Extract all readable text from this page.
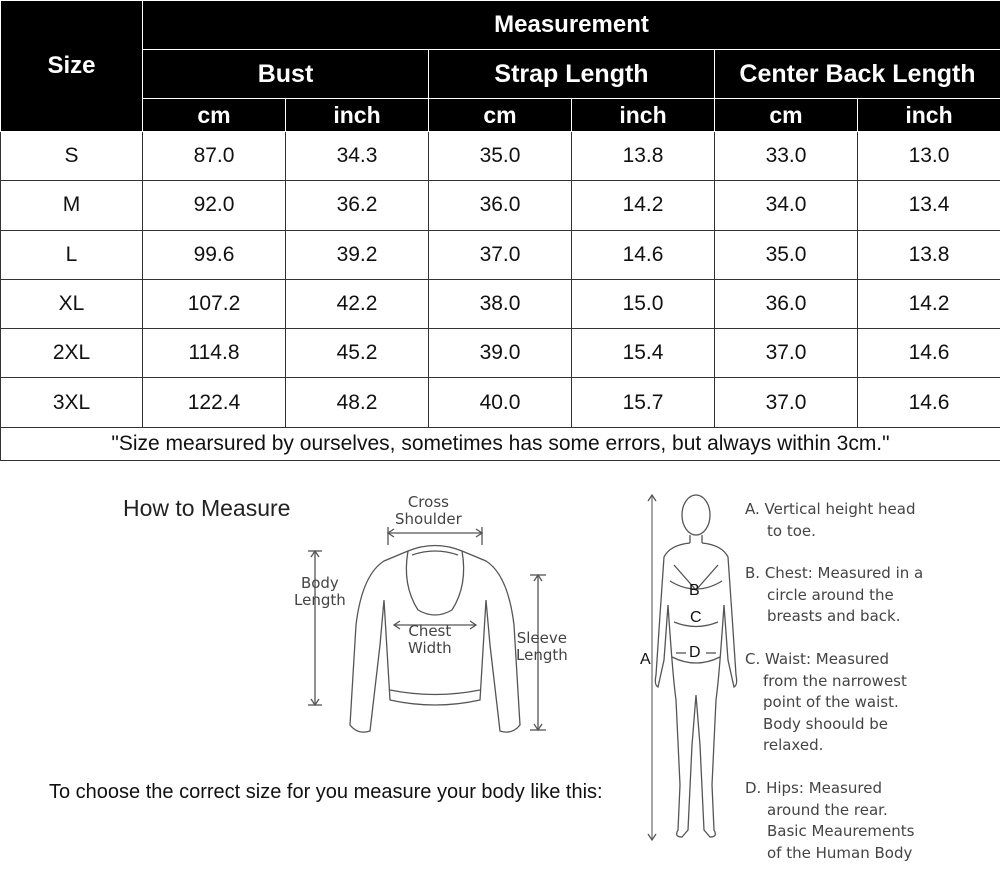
Size	Measurement					
	Bust		Strap Length		Center Back Length	
	cm	inch	cm	inch	cm	inch
S	87.0	34.3	35.0	13.8	33.0	13.0
M	92.0	36.2	36.0	14.2	34.0	13.4
L	99.6	39.2	37.0	14.6	35.0	13.8
XL	107.2	42.2	38.0	15.0	36.0	14.2
2XL	114.8	45.2	39.0	15.4	37.0	14.6
3XL	122.4	48.2	40.0	15.7	37.0	14.6
"Size mearsured by ourselves, sometimes has some errors, but always within 3cm."						
How to Measure
To choose the correct size for you measure your body like this:
Cross
Shoulder
Body
Length
Chest
Width
Sleeve
Length	A
B
C
D
A. Vertical height head
to toe.
B. Chest: Measured in a
circle around the
breasts and back.
C. Waist: Measured
from the narrowest
point of the waist.
Body shoould be
relaxed.
D. Hips: Measured
around the rear.
Basic Meaurements
of the Human Body
